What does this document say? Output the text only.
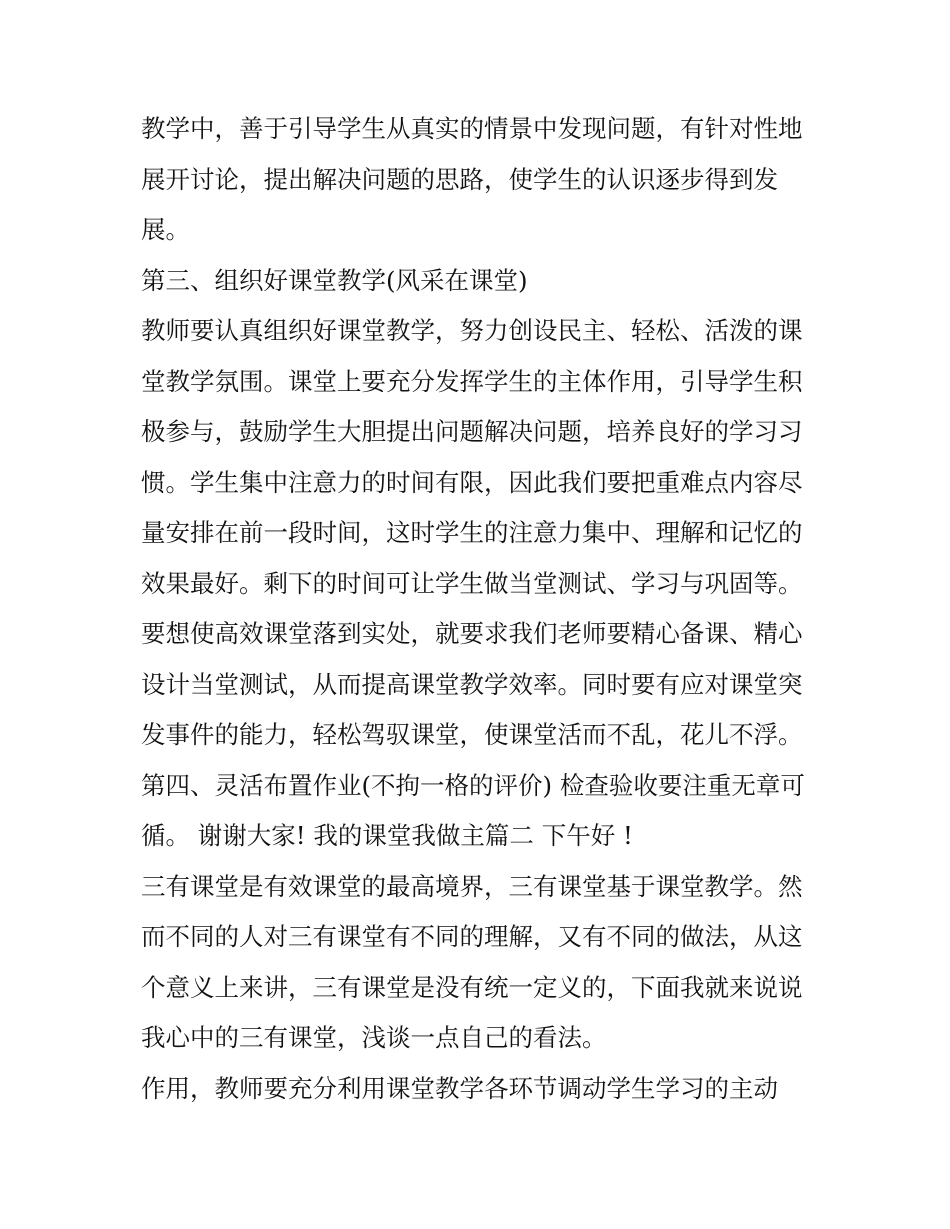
教学中，善于引导学生从真实的情景中发现问题，有针对性地
展开讨论，提出解决问题的思路，使学生的认识逐步得到发
展。
第三、组织好课堂教学(风采在课堂)
教师要认真组织好课堂教学，努力创设民主、轻松、活泼的课
堂教学氛围。课堂上要充分发挥学生的主体作用，引导学生积
极参与，鼓励学生大胆提出问题解决问题，培养良好的学习习
惯。学生集中注意力的时间有限，因此我们要把重难点内容尽
量安排在前一段时间，这时学生的注意力集中、理解和记忆的
效果最好。剩下的时间可让学生做当堂测试、学习与巩固等。
要想使高效课堂落到实处，就要求我们老师要精心备课、精心
设计当堂测试，从而提高课堂教学效率。同时要有应对课堂突
发事件的能力，轻松驾驭课堂，使课堂活而不乱，花儿不浮。
第四、灵活布置作业(不拘一格的评价) 检查验收要注重无章可
循。 谢谢大家! 我的课堂我做主篇二 下午好 !
三有课堂是有效课堂的最高境界，三有课堂基于课堂教学。然
而不同的人对三有课堂有不同的理解，又有不同的做法，从这
个意义上来讲，三有课堂是没有统一定义的，下面我就来说说
我心中的三有课堂，浅谈一点自己的看法。
作用，教师要充分利用课堂教学各环节调动学生学习的主动
